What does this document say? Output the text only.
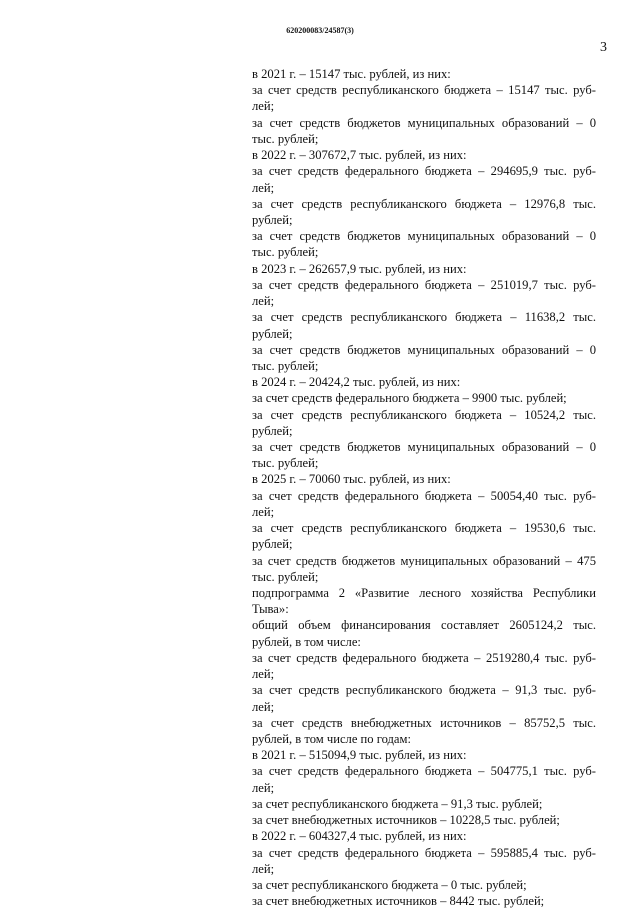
620200083/24587(3)
3
в 2021 г. – 15147 тыс. рублей, из них:
за счет средств республиканского бюджета – 15147 тыс. руб-
лей;
за счет средств бюджетов муниципальных образований – 0
тыс. рублей;
в 2022 г. – 307672,7 тыс. рублей, из них:
за счет средств федерального бюджета – 294695,9 тыс. руб-
лей;
за счет средств республиканского бюджета – 12976,8 тыс.
рублей;
за счет средств бюджетов муниципальных образований – 0
тыс. рублей;
в 2023 г. – 262657,9 тыс. рублей, из них:
за счет средств федерального бюджета – 251019,7 тыс. руб-
лей;
за счет средств республиканского бюджета – 11638,2 тыс.
рублей;
за счет средств бюджетов муниципальных образований – 0
тыс. рублей;
в 2024 г. – 20424,2 тыс. рублей, из них:
за счет средств федерального бюджета – 9900 тыс. рублей;
за счет средств республиканского бюджета – 10524,2 тыс.
рублей;
за счет средств бюджетов муниципальных образований – 0
тыс. рублей;
в 2025 г. – 70060 тыс. рублей, из них:
за счет средств федерального бюджета – 50054,40 тыс. руб-
лей;
за счет средств республиканского бюджета – 19530,6 тыс.
рублей;
за счет средств бюджетов муниципальных образований – 475
тыс. рублей;
подпрограмма 2 «Развитие лесного хозяйства Республики
Тыва»:
общий объем финансирования составляет 2605124,2 тыс.
рублей, в том числе:
за счет средств федерального бюджета – 2519280,4 тыс. руб-
лей;
за счет средств республиканского бюджета – 91,3 тыс. руб-
лей;
за счет средств внебюджетных источников – 85752,5 тыс.
рублей, в том числе по годам:
в 2021 г. – 515094,9 тыс. рублей, из них:
за счет средств федерального бюджета – 504775,1 тыс. руб-
лей;
за счет республиканского бюджета – 91,3 тыс. рублей;
за счет внебюджетных источников – 10228,5 тыс. рублей;
в 2022 г. – 604327,4 тыс. рублей, из них:
за счет средств федерального бюджета – 595885,4 тыс. руб-
лей;
за счет республиканского бюджета – 0 тыс. рублей;
за счет внебюджетных источников – 8442 тыс. рублей;
